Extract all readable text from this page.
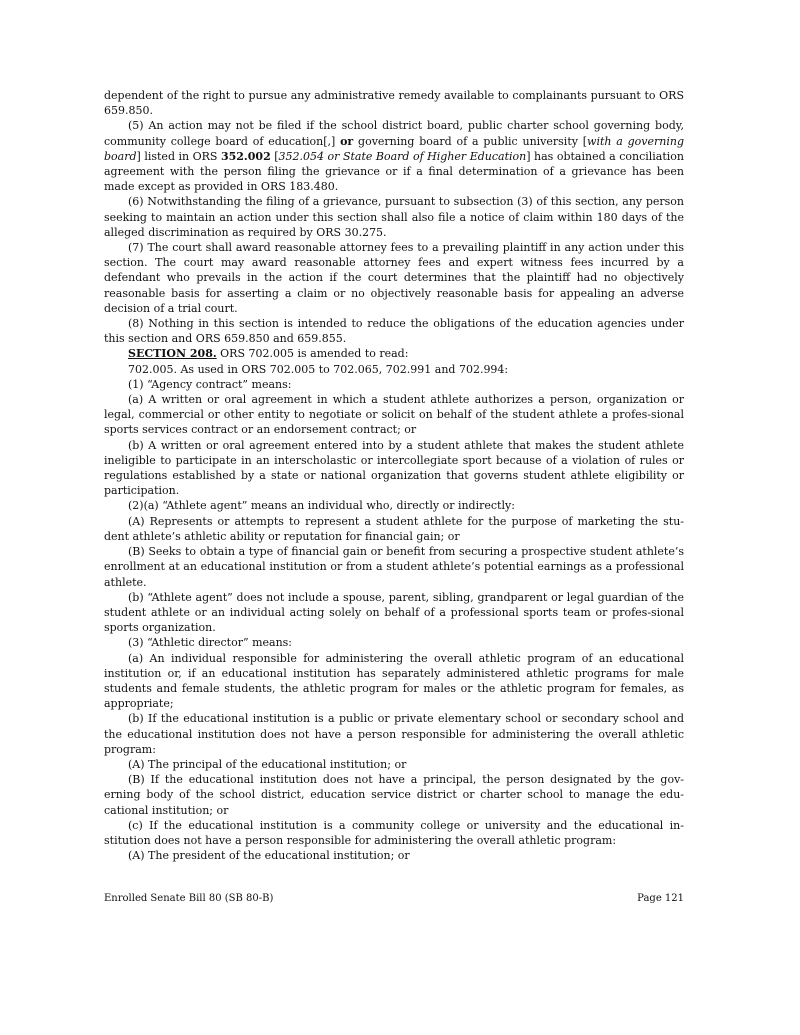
dependent of the right to pursue any administrative remedy available to complainants pursuant to ORS 659.850.

(5) An action may not be filed if the school district board, public charter school governing body, community college board of education[,] or governing board of a public university [with a governing board] listed in ORS 352.002 [352.054 or State Board of Higher Education] has obtained a conciliation agreement with the person filing the grievance or if a final determination of a grievance has been made except as provided in ORS 183.480.

(6) Notwithstanding the filing of a grievance, pursuant to subsection (3) of this section, any person seeking to maintain an action under this section shall also file a notice of claim within 180 days of the alleged discrimination as required by ORS 30.275.

(7) The court shall award reasonable attorney fees to a prevailing plaintiff in any action under this section. The court may award reasonable attorney fees and expert witness fees incurred by a defendant who prevails in the action if the court determines that the plaintiff had no objectively reasonable basis for asserting a claim or no objectively reasonable basis for appealing an adverse decision of a trial court.

(8) Nothing in this section is intended to reduce the obligations of the education agencies under this section and ORS 659.850 and 659.855.

SECTION 208. ORS 702.005 is amended to read:

702.005. As used in ORS 702.005 to 702.065, 702.991 and 702.994:

(1) “Agency contract” means:

(a) A written or oral agreement in which a student athlete authorizes a person, organization or legal, commercial or other entity to negotiate or solicit on behalf of the student athlete a profes-sional sports services contract or an endorsement contract; or

(b) A written or oral agreement entered into by a student athlete that makes the student athlete ineligible to participate in an interscholastic or intercollegiate sport because of a violation of rules or regulations established by a state or national organization that governs student athlete eligibility or participation.

(2)(a) “Athlete agent” means an individual who, directly or indirectly:

(A) Represents or attempts to represent a student athlete for the purpose of marketing the stu-dent athlete’s athletic ability or reputation for financial gain; or

(B) Seeks to obtain a type of financial gain or benefit from securing a prospective student athlete’s enrollment at an educational institution or from a student athlete’s potential earnings as a professional athlete.

(b) “Athlete agent” does not include a spouse, parent, sibling, grandparent or legal guardian of the student athlete or an individual acting solely on behalf of a professional sports team or profes-sional sports organization.

(3) “Athletic director” means:

(a) An individual responsible for administering the overall athletic program of an educational institution or, if an educational institution has separately administered athletic programs for male students and female students, the athletic program for males or the athletic program for females, as appropriate;

(b) If the educational institution is a public or private elementary school or secondary school and the educational institution does not have a person responsible for administering the overall athletic program:

(A) The principal of the educational institution; or

(B) If the educational institution does not have a principal, the person designated by the gov-erning body of the school district, education service district or charter school to manage the edu-cational institution; or

(c) If the educational institution is a community college or university and the educational in-stitution does not have a person responsible for administering the overall athletic program:

(A) The president of the educational institution; or

Enrolled Senate Bill 80 (SB 80-B)	Page 121
